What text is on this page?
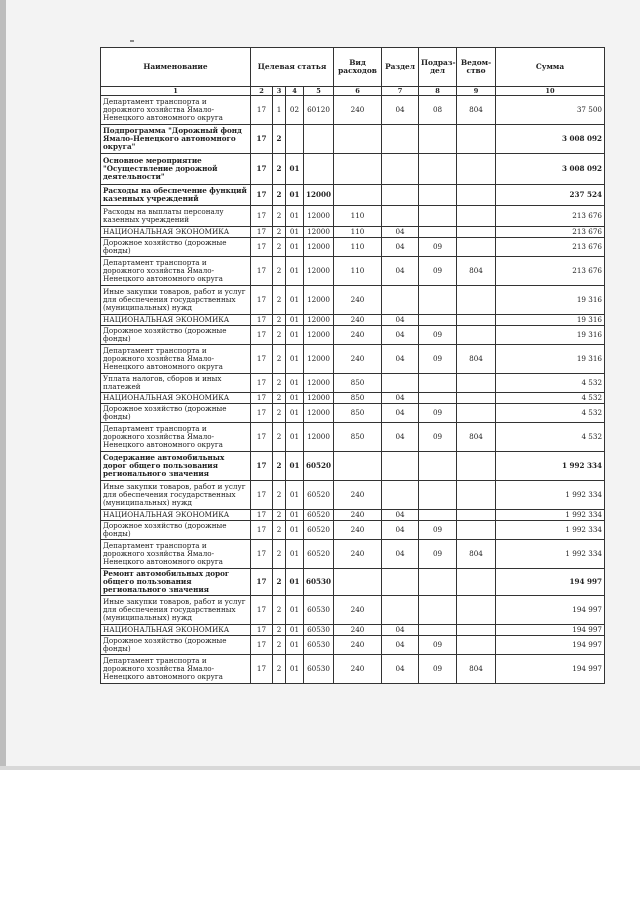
Наименование	Целевая статья				Вид расходов	Раздел	Подраз-дел	Ведом-ство	Сумма
1	2	3	4	5	6	7	8	9	10
Департамент транспорта и дорожного хозяйства Ямало-Ненецкого автономного округа	17	1	02	60120	240	04	08	804	37 500
Подпрограмма "Дорожный фонд Ямало-Ненецкого автономного округа"	17	2							3 008 092
Основное мероприятие "Осуществление дорожной деятельности"	17	2	01						3 008 092
Расходы на обеспечение функций казенных учреждений	17	2	01	12000					237 524
Расходы на выплаты персоналу казенных учреждений	17	2	01	12000	110				213 676
НАЦИОНАЛЬНАЯ ЭКОНОМИКА	17	2	01	12000	110	04			213 676
Дорожное хозяйство (дорожные фонды)	17	2	01	12000	110	04	09		213 676
Департамент транспорта и дорожного хозяйства Ямало-Ненецкого автономного округа	17	2	01	12000	110	04	09	804	213 676
Иные закупки товаров, работ и услуг для обеспечения государственных (муниципальных) нужд	17	2	01	12000	240				19 316
НАЦИОНАЛЬНАЯ ЭКОНОМИКА	17	2	01	12000	240	04			19 316
Дорожное хозяйство (дорожные фонды)	17	2	01	12000	240	04	09		19 316
Департамент транспорта и дорожного хозяйства Ямало-Ненецкого автономного округа	17	2	01	12000	240	04	09	804	19 316
Уплата налогов, сборов и иных платежей	17	2	01	12000	850				4 532
НАЦИОНАЛЬНАЯ ЭКОНОМИКА	17	2	01	12000	850	04			4 532
Дорожное хозяйство (дорожные фонды)	17	2	01	12000	850	04	09		4 532
Департамент транспорта и дорожного хозяйства Ямало-Ненецкого автономного округа	17	2	01	12000	850	04	09	804	4 532
Содержание автомобильных дорог общего пользования регионального значения	17	2	01	60520					1 992 334
Иные закупки товаров, работ и услуг для обеспечения государственных (муниципальных) нужд	17	2	01	60520	240				1 992 334
НАЦИОНАЛЬНАЯ ЭКОНОМИКА	17	2	01	60520	240	04			1 992 334
Дорожное хозяйство (дорожные фонды)	17	2	01	60520	240	04	09		1 992 334
Департамент транспорта и дорожного хозяйства Ямало-Ненецкого автономного округа	17	2	01	60520	240	04	09	804	1 992 334
Ремонт автомобильных дорог общего пользования регионального значения	17	2	01	60530					194 997
Иные закупки товаров, работ и услуг для обеспечения государственных (муниципальных) нужд	17	2	01	60530	240				194 997
НАЦИОНАЛЬНАЯ ЭКОНОМИКА	17	2	01	60530	240	04			194 997
Дорожное хозяйство (дорожные фонды)	17	2	01	60530	240	04	09		194 997
Департамент транспорта и дорожного хозяйства Ямало-Ненецкого автономного округа	17	2	01	60530	240	04	09	804	194 997
